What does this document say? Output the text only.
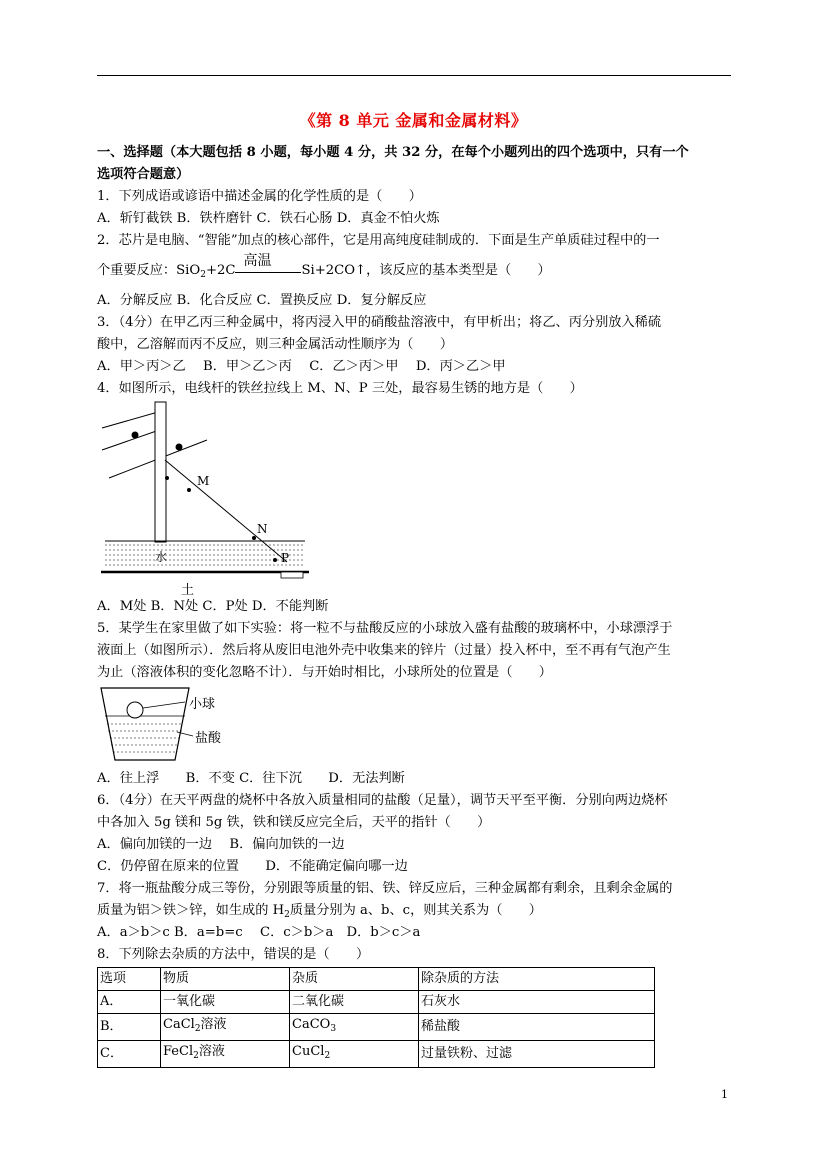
《第 8 单元 金属和金属材料》
一、选择题（本大题包括 8 小题，每小题 4 分，共 32 分，在每个小题列出的四个选项中，只有一个
选项符合题意）
1．下列成语或谚语中描述金属的化学性质的是（　　）
A．斩钉截铁 B．铁杵磨针 C．铁石心肠 D．真金不怕火炼
2．芯片是电脑、“智能”加点的核心部件，它是用高纯度硅制成的．下面是生产单质硅过程中的一
个重要反应：SiO$_2$+2C
高温
Si+2CO↑，该反应的基本类型是（　　）
A．分解反应 B．化合反应 C．置换反应 D．复分解反应
3．（4分）在甲乙丙三种金属中，将丙浸入甲的硝酸盐溶液中，有甲析出；将乙、丙分别放入稀硫
酸中，乙溶解而丙不反应，则三种金属活动性顺序为（　　）
A．甲＞丙＞乙　 B．甲＞乙＞丙　 C．乙＞丙＞甲　 D．丙＞乙＞甲
4．如图所示，电线杆的铁丝拉线上 M、N、P 三处，最容易生锈的地方是（　　）
M
N
P
水
土
A．M处 B．N处 C．P处 D．不能判断
5．某学生在家里做了如下实验：将一粒不与盐酸反应的小球放入盛有盐酸的玻璃杯中，小球漂浮于
液面上（如图所示）．然后将从废旧电池外壳中收集来的锌片（过量）投入杯中，至不再有气泡产生
为止（溶液体积的变化忽略不计）．与开始时相比，小球所处的位置是（　　）
小球
盐酸
A．往上浮　　B．不变 C．往下沉　　D．无法判断
6．（4分）在天平两盘的烧杯中各放入质量相同的盐酸（足量），调节天平至平衡．分别向两边烧杯
中各加入 5g 镁和 5g 铁，铁和镁反应完全后，天平的指针（　　）
A．偏向加镁的一边　 B．偏向加铁的一边
C．仍停留在原来的位置　　D．不能确定偏向哪一边
7．将一瓶盐酸分成三等份，分别跟等质量的铝、铁、锌反应后，三种金属都有剩余，且剩余金属的
质量为铝＞铁＞锌，如生成的 $H_2$质量分别为 a、b、c，则其关系为（　　）
A．a＞b＞c B．a=b=c　 C．c＞b＞a　D．b＞c＞a
8．下列除去杂质的方法中，错误的是（　　）
选项	物质	杂质	除杂质的方法
A．	一氧化碳	二氧化碳	石灰水
B．	CaCl$_2$溶液	CaCO$_3$	稀盐酸
C．	FeCl$_2$溶液	CuCl$_2$	过量铁粉、过滤
1
